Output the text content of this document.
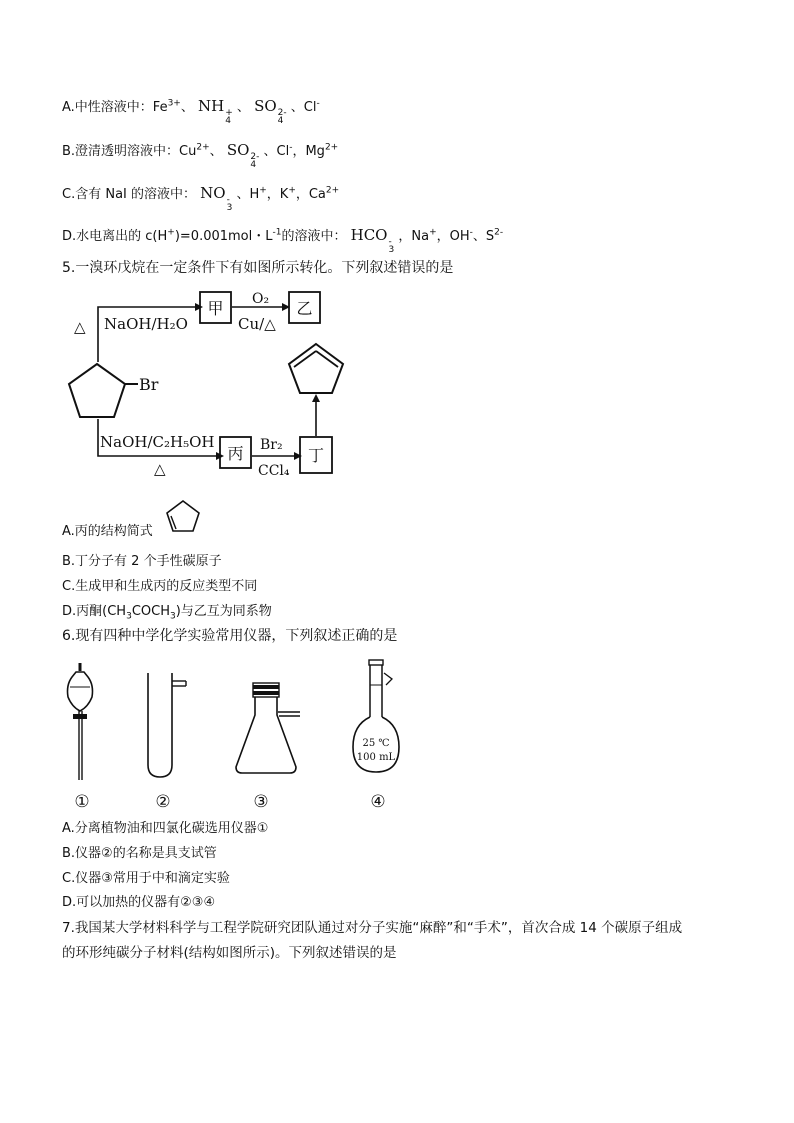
A.中性溶液中：$Fe^{3+}$、 NH +
4
、 SO 2-
4
、Cl-
B.澄清透明溶液中：$Cu^{2+}$、 SO 2-
4
、Cl-，$Mg^{2+}$
C.含有 NaI 的溶液中： NO -
3
、H+，K+，$Ca^{2+}$
D.水电离出的 c(H+)=0.001mol・$L^{-1}$的溶液中： HCO -
3
，Na+，OH-、$S^{2-}$
5.一溴环戊烷在一定条件下有如图所示转化。下列叙述错误的是
Br
△ NaOH/H₂O
甲 O₂
Cu/△
乙
NaOH/C₂H₅OH
△
丙 Br₂
CCl₄
丁
A.丙的结构简式
B.丁分子有 2 个手性碳原子
C.生成甲和生成丙的反应类型不同
D.丙酮$(CH_3COCH_3)$与乙互为同系物
6.现有四种中学化学实验常用仪器，下列叙述正确的是
①	②	③
25 ℃
100 mL
④
A.分离植物油和四氯化碳选用仪器①
B.仪器②的名称是具支试管
C.仪器③常用于中和滴定实验
D.可以加热的仪器有②③④
7.我国某大学材料科学与工程学院研究团队通过对分子实施“麻醉”和“手术”，首次合成 14 个碳原子组成
的环形纯碳分子材料(结构如图所示)。下列叙述错误的是
